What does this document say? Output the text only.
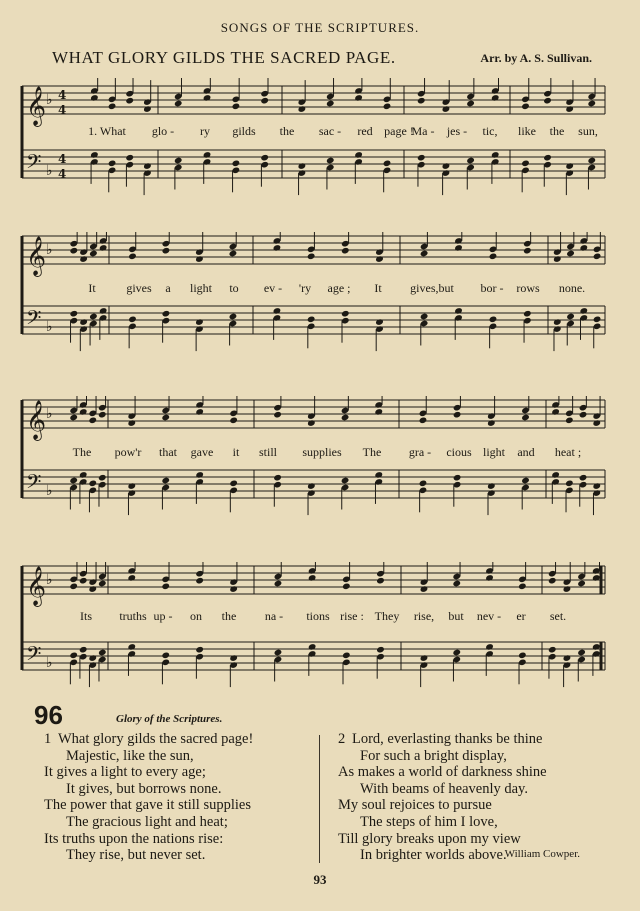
SONGS OF THE SCRIPTURES.
WHAT GLORY GILDS THE SACRED PAGE.	Arr. by A. S. Sullivan.
𝄞 ♭ 4
4
𝄢 ♭
4
4
1. What glo - ry gilds the sac - red page !
Ma - jes - tic, like the sun,
𝄞 ♭
𝄢 ♭
It	gives a light to ev - 'ry age ; It gives,but bor - rows none.
𝄞 ♭
𝄢 ♭
The pow'r that gave it still supplies The gra - cious light and heat ;
𝄞 ♭
𝄢 ♭
Its truths up - on the na - tions rise : They rise, but nev - er set.
96	Glory of the Scriptures.
1 What glory gilds the sacred page!
Majestic, like the sun,
It gives a light to every age;
It gives, but borrows none.
The power that gave it still supplies
The gracious light and heat;
Its truths upon the nations rise:
They rise, but never set.
2 Lord, everlasting thanks be thine
For such a bright display,
As makes a world of darkness shine
With beams of heavenly day.
My soul rejoices to pursue
The steps of him I love,
Till glory breaks upon my view
In brighter worlds above.
William Cowper.
93
